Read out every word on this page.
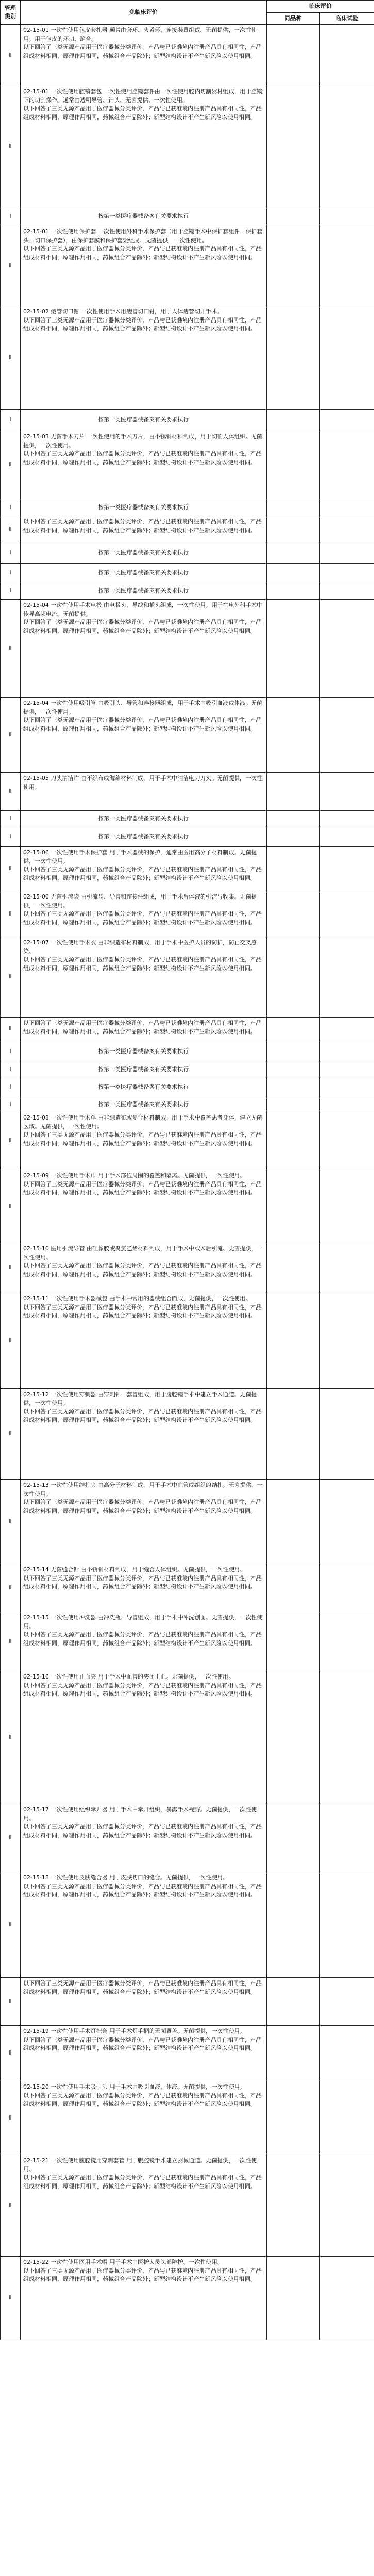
管理类别	免临床评价	临床评价	
		同品种	临床试验
Ⅱ	02-15-01 一次性使用包皮套扎器 通常由套环、夹紧环、连接装置组成。无菌提供，一次性使用。用于包皮的环切、缝合。
以下回答了三类无源产品用于医疗器械分类评价，产品与已获准境内注册产品具有相同性，产品组成材料相同，原理作用相同，药械组合产品除外；新型结构设计不产生新风险以使用相同。		

Ⅱ	02-15-01 一次性使用腔镜套包 一次性使用腔镜套件由一次性使用腔内切割器材组成，用于腔镜下的切割操作。通常由透明导管、针头、无菌提供，一次性使用。
以下回答了三类无源产品用于医疗器械分类评价，产品与已获准境内注册产品具有相同性，产品组成材料相同，原理作用相同，药械组合产品除外；新型结构设计不产生新风险以使用相同。		

Ⅰ	按第一类医疗器械备案有关要求执行		
Ⅱ	02-15-01 一次性使用保护套 一次性使用外科手术保护套（用于腔镜手术中保护套组件、保护套头、切口保护套），由保护套膜和保护套架组成。无菌提供，一次性使用。
以下回答了三类无源产品用于医疗器械分类评价，产品与已获准境内注册产品具有相同性，产品组成材料相同，原理作用相同，药械组合产品除外；新型结构设计不产生新风险以使用相同。		

Ⅱ	02-15-02 瘘管切口钳 一次性使用手术用瘘管切口钳，用于人体瘘管切开手术。
以下回答了三类无源产品用于医疗器械分类评价，产品与已获准境内注册产品具有相同性，产品组成材料相同，原理作用相同，药械组合产品除外；新型结构设计不产生新风险以使用相同。		

Ⅰ	按第一类医疗器械备案有关要求执行		
Ⅱ	02-15-03 无菌手术刀片 一次性使用的手术刀片，由不锈钢材料制成，用于切割人体组织。无菌提供，一次性使用。
以下回答了三类无源产品用于医疗器械分类评价，产品与已获准境内注册产品具有相同性，产品组成材料相同，原理作用相同，药械组合产品除外；新型结构设计不产生新风险以使用相同。		

Ⅰ	按第一类医疗器械备案有关要求执行		
Ⅱ	以下回答了三类无源产品用于医疗器械分类评价，产品与已获准境内注册产品具有相同性，产品组成材料相同，原理作用相同，药械组合产品除外；新型结构设计不产生新风险以使用相同。		

Ⅰ	按第一类医疗器械备案有关要求执行		
Ⅰ	按第一类医疗器械备案有关要求执行		
Ⅰ	按第一类医疗器械备案有关要求执行		
Ⅱ	02-15-04 一次性使用手术电极 由电极头、导线和插头组成，一次性使用。用于在电外科手术中传导高频电流。无菌提供。
以下回答了三类无源产品用于医疗器械分类评价，产品与已获准境内注册产品具有相同性，产品组成材料相同，原理作用相同，药械组合产品除外；新型结构设计不产生新风险以使用相同。		

Ⅱ	02-15-04 一次性使用吸引管 由吸引头、导管和连接器组成，用于手术中吸引血液或体液。无菌提供，一次性使用。
以下回答了三类无源产品用于医疗器械分类评价，产品与已获准境内注册产品具有相同性，产品组成材料相同，原理作用相同，药械组合产品除外；新型结构设计不产生新风险以使用相同。		

Ⅱ	02-15-05 刀头清洁片 由不织布或海绵材料制成，用于手术中清洁电刀刀头。无菌提供，一次性使用。		

Ⅰ	按第一类医疗器械备案有关要求执行		
Ⅰ	按第一类医疗器械备案有关要求执行		
Ⅱ	02-15-06 一次性使用手术保护套 用于手术器械的保护，通常由医用高分子材料制成。无菌提供，一次性使用。
以下回答了三类无源产品用于医疗器械分类评价，产品与已获准境内注册产品具有相同性，产品组成材料相同，原理作用相同，药械组合产品除外；新型结构设计不产生新风险以使用相同。		

Ⅱ	02-15-06 无菌引流袋 由引流袋、导管和连接件组成，用于手术后体液的引流与收集。无菌提供，一次性使用。
以下回答了三类无源产品用于医疗器械分类评价，产品与已获准境内注册产品具有相同性，产品组成材料相同，原理作用相同，药械组合产品除外；新型结构设计不产生新风险以使用相同。		

Ⅱ	02-15-07 一次性使用手术衣 由非织造布材料制成，用于手术中医护人员的防护，防止交叉感染。
以下回答了三类无源产品用于医疗器械分类评价，产品与已获准境内注册产品具有相同性，产品组成材料相同，原理作用相同，药械组合产品除外；新型结构设计不产生新风险以使用相同。		

Ⅱ	以下回答了三类无源产品用于医疗器械分类评价，产品与已获准境内注册产品具有相同性，产品组成材料相同，原理作用相同，药械组合产品除外；新型结构设计不产生新风险以使用相同。		

Ⅰ	按第一类医疗器械备案有关要求执行		
Ⅰ	按第一类医疗器械备案有关要求执行		
Ⅰ	按第一类医疗器械备案有关要求执行		
Ⅰ	按第一类医疗器械备案有关要求执行		
Ⅱ	02-15-08 一次性使用手术单 由非织造布或复合材料制成，用于手术中覆盖患者身体，建立无菌区域。无菌提供，一次性使用。
以下回答了三类无源产品用于医疗器械分类评价，产品与已获准境内注册产品具有相同性，产品组成材料相同，原理作用相同，药械组合产品除外；新型结构设计不产生新风险以使用相同。		

Ⅱ	02-15-09 一次性使用手术巾 用于手术部位周围的覆盖和隔离。无菌提供，一次性使用。
以下回答了三类无源产品用于医疗器械分类评价，产品与已获准境内注册产品具有相同性，产品组成材料相同，原理作用相同，药械组合产品除外；新型结构设计不产生新风险以使用相同。		

Ⅱ	02-15-10 医用引流导管 由硅橡胶或聚氯乙烯材料制成，用于手术中或术后引流。无菌提供，一次性使用。
以下回答了三类无源产品用于医疗器械分类评价，产品与已获准境内注册产品具有相同性，产品组成材料相同，原理作用相同，药械组合产品除外；新型结构设计不产生新风险以使用相同。		

Ⅱ	02-15-11 一次性使用手术器械包 由手术中常用的器械组合而成，无菌提供，一次性使用。
以下回答了三类无源产品用于医疗器械分类评价，产品与已获准境内注册产品具有相同性，产品组成材料相同，原理作用相同，药械组合产品除外；新型结构设计不产生新风险以使用相同。		

Ⅱ	02-15-12 一次性使用穿刺器 由穿刺针、套管组成，用于腹腔镜手术中建立手术通道。无菌提供，一次性使用。
以下回答了三类无源产品用于医疗器械分类评价，产品与已获准境内注册产品具有相同性，产品组成材料相同，原理作用相同，药械组合产品除外；新型结构设计不产生新风险以使用相同。		

Ⅱ	02-15-13 一次性使用结扎夹 由高分子材料制成，用于手术中血管或组织的结扎。无菌提供，一次性使用。
以下回答了三类无源产品用于医疗器械分类评价，产品与已获准境内注册产品具有相同性，产品组成材料相同，原理作用相同，药械组合产品除外；新型结构设计不产生新风险以使用相同。		

Ⅱ	02-15-14 无菌缝合针 由不锈钢材料制成，用于缝合人体组织。无菌提供，一次性使用。
以下回答了三类无源产品用于医疗器械分类评价，产品与已获准境内注册产品具有相同性，产品组成材料相同，原理作用相同，药械组合产品除外；新型结构设计不产生新风险以使用相同。		

Ⅱ	02-15-15 一次性使用冲洗器 由冲洗瓶、导管组成，用于手术中冲洗创面。无菌提供，一次性使用。
以下回答了三类无源产品用于医疗器械分类评价，产品与已获准境内注册产品具有相同性，产品组成材料相同，原理作用相同，药械组合产品除外；新型结构设计不产生新风险以使用相同。		

Ⅱ	02-15-16 一次性使用止血夹 用于手术中血管的夹闭止血。无菌提供，一次性使用。
以下回答了三类无源产品用于医疗器械分类评价，产品与已获准境内注册产品具有相同性，产品组成材料相同，原理作用相同，药械组合产品除外；新型结构设计不产生新风险以使用相同。		

Ⅱ	02-15-17 一次性使用组织牵开器 用于手术中牵开组织，暴露手术视野。无菌提供，一次性使用。
以下回答了三类无源产品用于医疗器械分类评价，产品与已获准境内注册产品具有相同性，产品组成材料相同，原理作用相同，药械组合产品除外；新型结构设计不产生新风险以使用相同。		

Ⅱ	02-15-18 一次性使用皮肤缝合器 用于皮肤切口的缝合。无菌提供，一次性使用。
以下回答了三类无源产品用于医疗器械分类评价，产品与已获准境内注册产品具有相同性，产品组成材料相同，原理作用相同，药械组合产品除外；新型结构设计不产生新风险以使用相同。		

Ⅱ	以下回答了三类无源产品用于医疗器械分类评价，产品与已获准境内注册产品具有相同性，产品组成材料相同，原理作用相同，药械组合产品除外；新型结构设计不产生新风险以使用相同。		

Ⅱ	02-15-19 一次性使用手术灯把套 用于手术灯手柄的无菌覆盖。无菌提供，一次性使用。
以下回答了三类无源产品用于医疗器械分类评价，产品与已获准境内注册产品具有相同性，产品组成材料相同，原理作用相同，药械组合产品除外；新型结构设计不产生新风险以使用相同。		

Ⅱ	02-15-20 一次性使用手术吸引头 用于手术中吸引血液、体液。无菌提供，一次性使用。
以下回答了三类无源产品用于医疗器械分类评价，产品与已获准境内注册产品具有相同性，产品组成材料相同，原理作用相同，药械组合产品除外；新型结构设计不产生新风险以使用相同。		

Ⅱ	02-15-21 一次性使用腹腔镜用穿刺套管 用于腹腔镜手术建立器械通道。无菌提供，一次性使用。
以下回答了三类无源产品用于医疗器械分类评价，产品与已获准境内注册产品具有相同性，产品组成材料相同，原理作用相同，药械组合产品除外；新型结构设计不产生新风险以使用相同。		

Ⅱ	02-15-22 一次性使用医用手术帽 用于手术中医护人员头部防护。一次性使用。
以下回答了三类无源产品用于医疗器械分类评价，产品与已获准境内注册产品具有相同性，产品组成材料相同，原理作用相同，药械组合产品除外；新型结构设计不产生新风险以使用相同。		
